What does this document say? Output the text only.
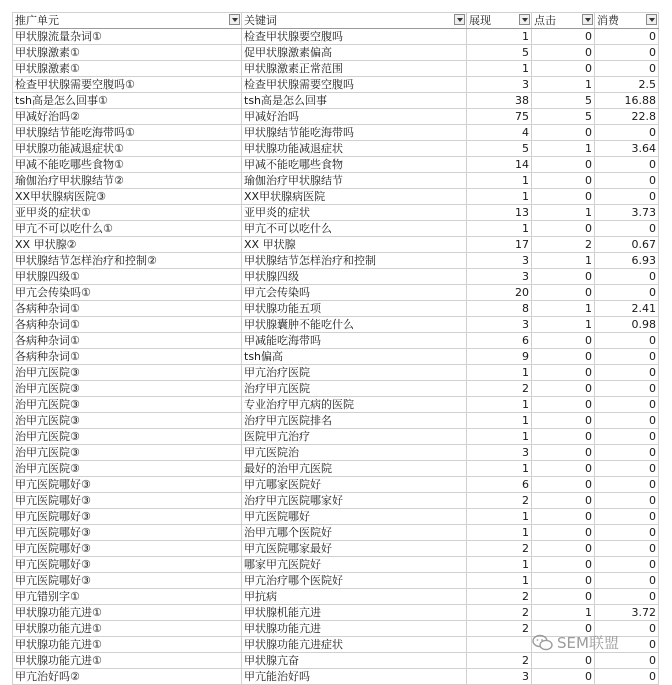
推广单元	关键词	展现	点击	消费

甲状腺流量杂词①	检查甲状腺要空腹吗	1	0	0
甲状腺激素①	促甲状腺激素偏高	5	0	0
甲状腺激素①	甲状腺激素正常范围	1	0	0
检查甲状腺需要空腹吗①	检查甲状腺需要空腹吗	3	1	2.5
tsh高是怎么回事①	tsh高是怎么回事	38	5	16.88
甲减好治吗②	甲减好治吗	75	5	22.8
甲状腺结节能吃海带吗①	甲状腺结节能吃海带吗	4	0	0
甲状腺功能减退症状①	甲状腺功能减退症状	5	1	3.64
甲减不能吃哪些食物①	甲减不能吃哪些食物	14	0	0
瑜伽治疗甲状腺结节②	瑜伽治疗甲状腺结节	1	0	0
XX甲状腺病医院③	XX甲状腺病医院	1	0	0
亚甲炎的症状①	亚甲炎的症状	13	1	3.73
甲亢不可以吃什么①	甲亢不可以吃什么	1	0	0
XX 甲状腺②	XX 甲状腺	17	2	0.67
甲状腺结节怎样治疗和控制②	甲状腺结节怎样治疗和控制	3	1	6.93
甲状腺四级①	甲状腺四级	3	0	0
甲亢会传染吗①	甲亢会传染吗	20	0	0
各病种杂词①	甲状腺功能五项	8	1	2.41
各病种杂词①	甲状腺囊肿不能吃什么	3	1	0.98
各病种杂词①	甲减能吃海带吗	6	0	0
各病种杂词①	tsh偏高	9	0	0
治甲亢医院③	甲亢治疗医院	1	0	0
治甲亢医院③	治疗甲亢医院	2	0	0
治甲亢医院③	专业治疗甲亢病的医院	1	0	0
治甲亢医院③	治疗甲亢医院排名	1	0	0
治甲亢医院③	医院甲亢治疗	1	0	0
治甲亢医院③	甲亢医院治	3	0	0
治甲亢医院③	最好的治甲亢医院	1	0	0
甲亢医院哪好③	甲亢哪家医院好	6	0	0
甲亢医院哪好③	治疗甲亢医院哪家好	2	0	0
甲亢医院哪好③	甲亢医院哪好	1	0	0
甲亢医院哪好③	治甲亢哪个医院好	1	0	0
甲亢医院哪好③	甲亢医院哪家最好	2	0	0
甲亢医院哪好③	哪家甲亢医院好	1	0	0
甲亢医院哪好③	甲亢治疗哪个医院好	1	0	0
甲亢错别字①	甲抗病	2	0	0
甲状腺功能亢进①	甲状腺机能亢进	2	1	3.72
甲状腺功能亢进①	甲状腺功能亢进	2	0	0
甲状腺功能亢进①	甲状腺功能亢进症状			0
甲状腺功能亢进①	甲状腺亢奋	2	0	0
甲亢治好吗②	甲亢能治好吗	3	0	0
SEM联盟
